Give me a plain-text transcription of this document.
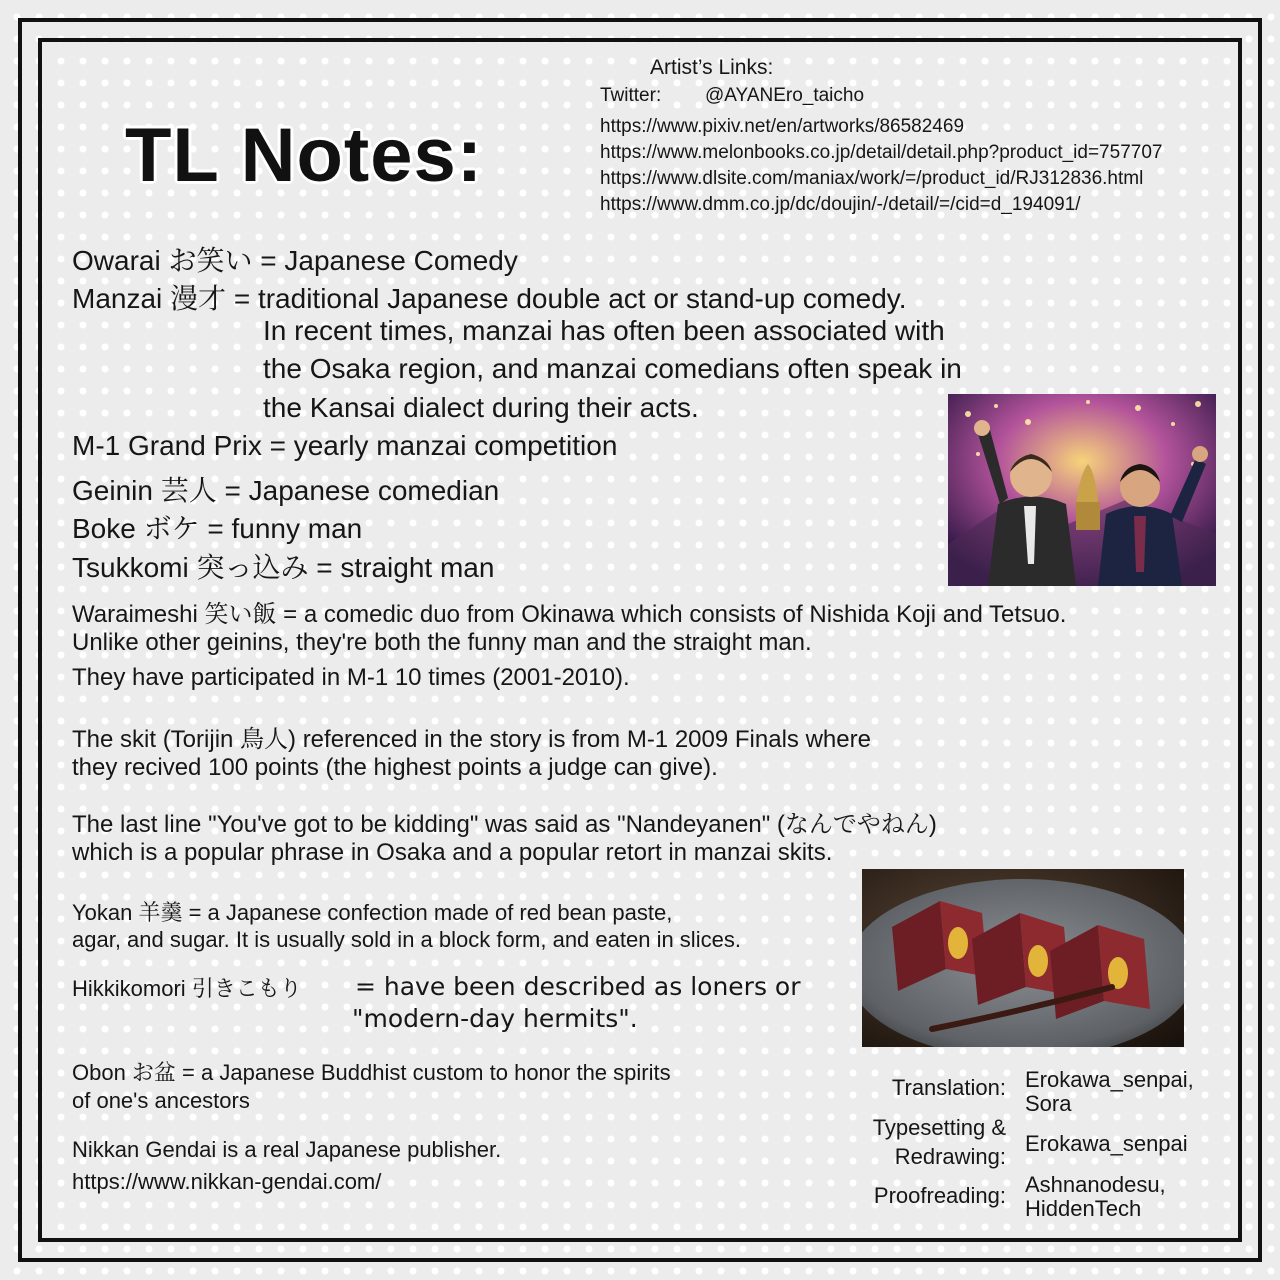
TL Notes:
Artist’s Links:
Twitter: @AYANEro_taicho
https://www.pixiv.net/en/artworks/86582469
https://www.melonbooks.co.jp/detail/detail.php?product_id=757707
https://www.dlsite.com/maniax/work/=/product_id/RJ312836.html
https://www.dmm.co.jp/dc/doujin/-/detail/=/cid=d_194091/
Owarai お笑い = Japanese Comedy
Manzai 漫才 = traditional Japanese double act or stand-up comedy.
In recent times, manzai has often been associated with
the Osaka region, and manzai comedians often speak in
the Kansai dialect during their acts.
M-1 Grand Prix = yearly manzai competition
Geinin 芸人 = Japanese comedian
Boke ボケ = funny man
Tsukkomi 突っ込み = straight man
Waraimeshi 笑い飯 = a comedic duo from Okinawa which consists of Nishida Koji and Tetsuo.
Unlike other geinins, they're both the funny man and the straight man.
They have participated in M-1 10 times (2001-2010).
The skit (Torijin 鳥人) referenced in the story is from M-1 2009 Finals where
they recived 100 points (the highest points a judge can give).
The last line "You've got to be kidding" was said as "Nandeyanen" (なんでやねん)
which is a popular phrase in Osaka and a popular retort in manzai skits.
Yokan 羊羹 = a Japanese confection made of red bean paste,
agar, and sugar. It is usually sold in a block form, and eaten in slices.
Hikkikomori 引きこもり = have been described as loners or
"modern-day hermits".
Obon お盆 = a Japanese Buddhist custom to honor the spirits
of one's ancestors
Nikkan Gendai is a real Japanese publisher.
https://www.nikkan-gendai.com/
Translation: Erokawa_senpai,
Sora
Typesetting &
Redrawing:
Erokawa_senpai
Proofreading: Ashnanodesu,
HiddenTech
